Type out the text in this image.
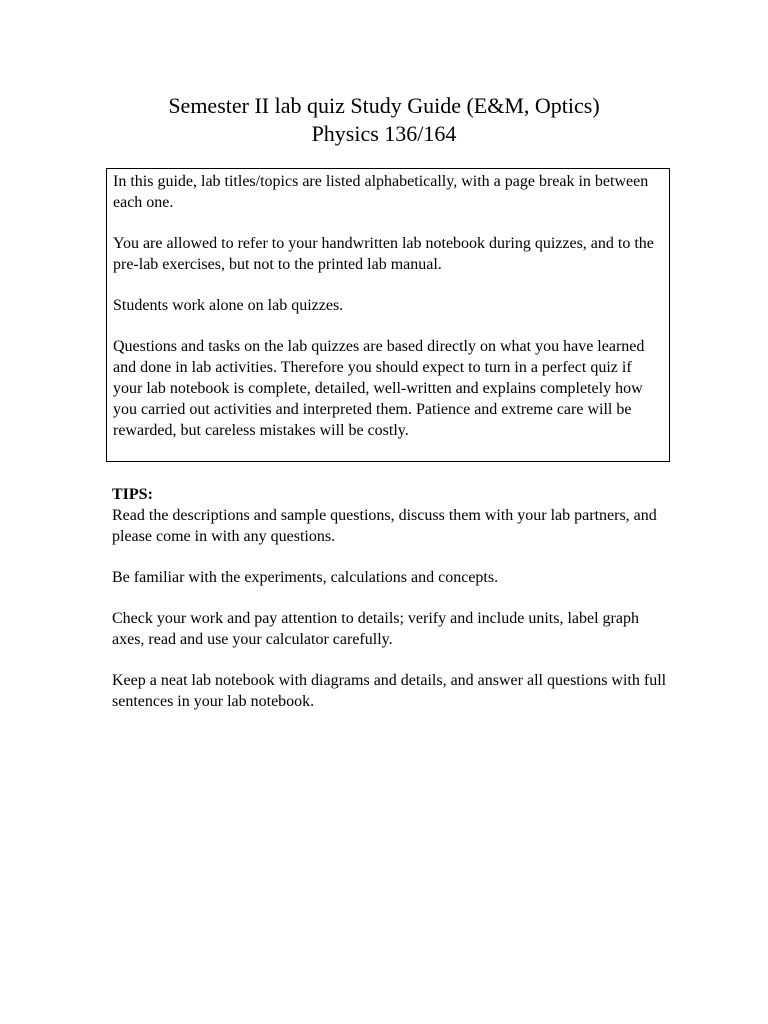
Semester II lab quiz Study Guide (E&M, Optics)
Physics 136/164

In this guide, lab titles/topics are listed alphabetically, with a page break in between each one.

You are allowed to refer to your handwritten lab notebook during quizzes, and to the pre-lab exercises, but not to the printed lab manual.

Students work alone on lab quizzes.

Questions and tasks on the lab quizzes are based directly on what you have learned and done in lab activities. Therefore you should expect to turn in a perfect quiz if your lab notebook is complete, detailed, well-written and explains completely how you carried out activities and interpreted them. Patience and extreme care will be rewarded, but careless mistakes will be costly.

TIPS:

Read the descriptions and sample questions, discuss them with your lab partners, and please come in with any questions.

Be familiar with the experiments, calculations and concepts.

Check your work and pay attention to details; verify and include units, label graph axes, read and use your calculator carefully.

Keep a neat lab notebook with diagrams and details, and answer all questions with full sentences in your lab notebook.
